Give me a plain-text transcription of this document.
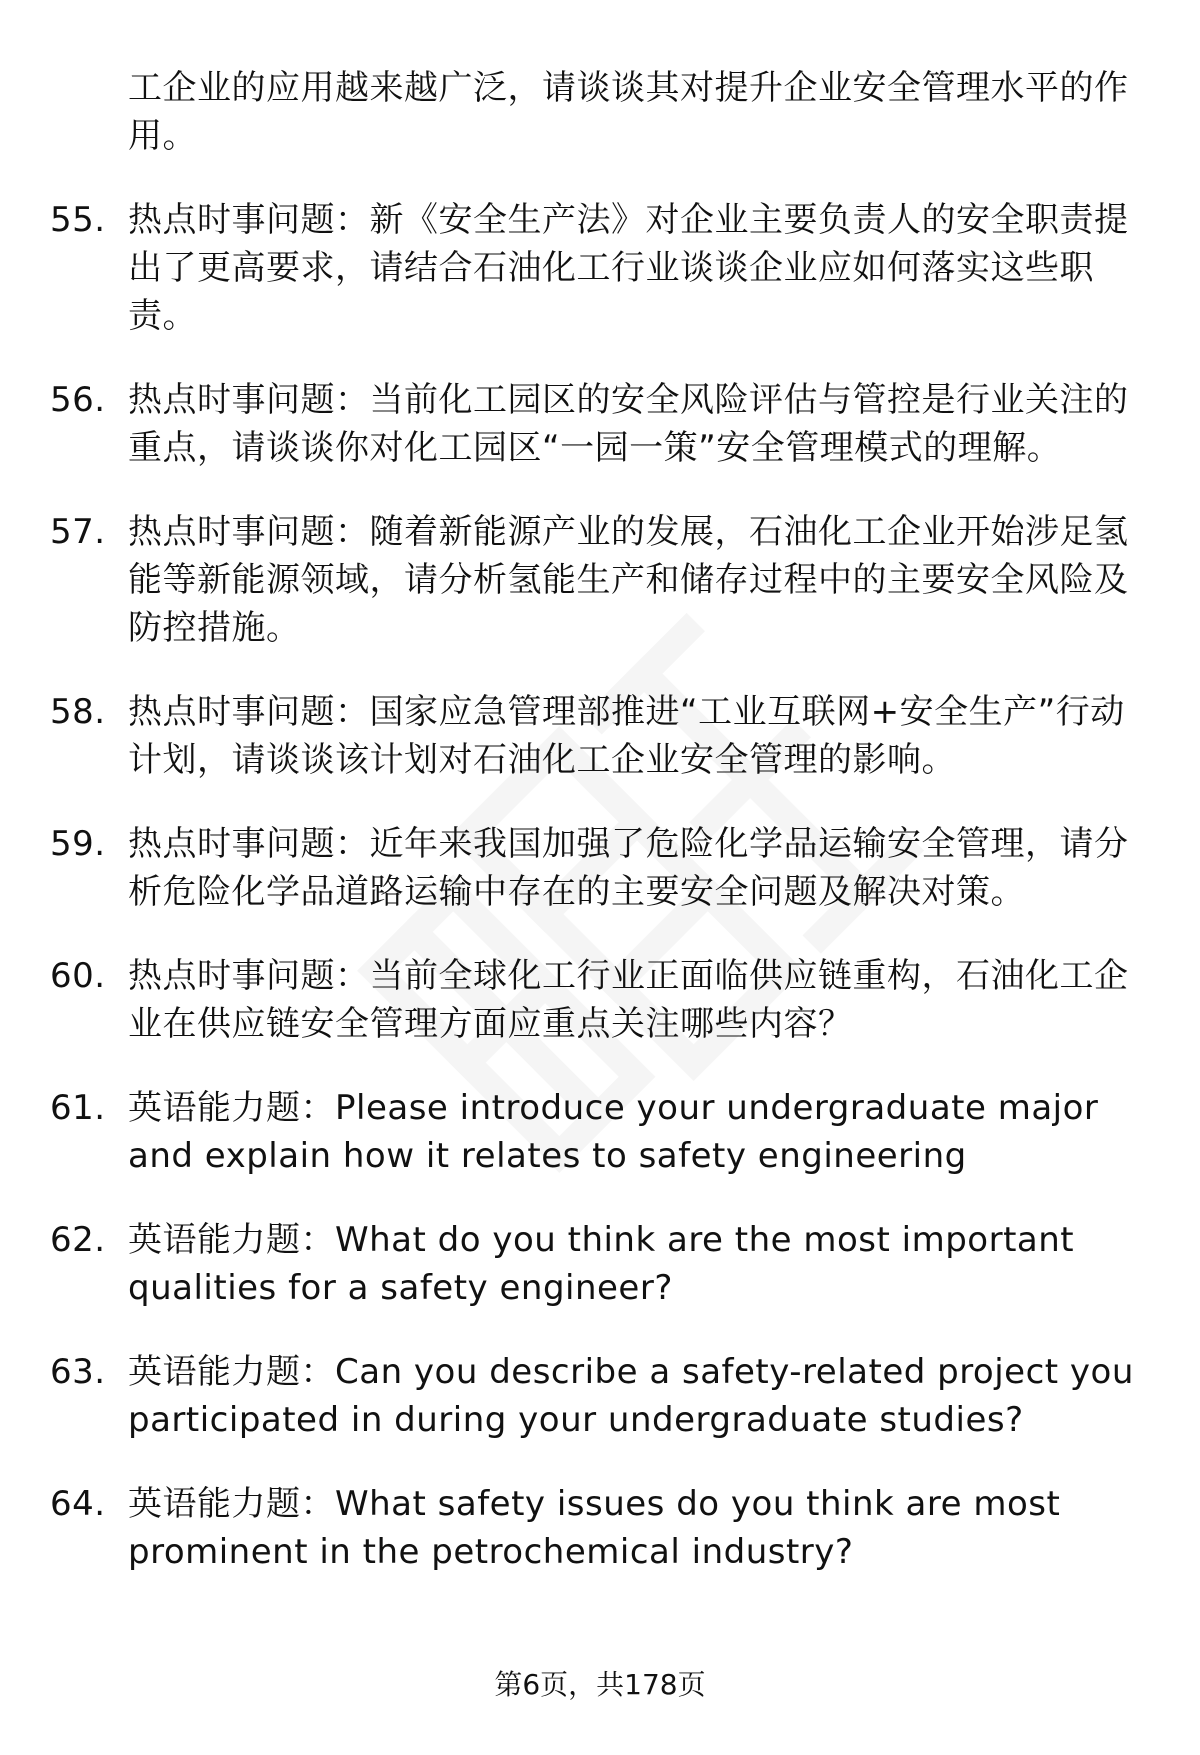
工企业的应用越来越广泛，请谈谈其对提升企业安全管理水平的作用。
55. 热点时事问题：新《安全生产法》对企业主要负责人的安全职责提出了更高要求，请结合石油化工行业谈谈企业应如何落实这些职责。
56. 热点时事问题：当前化工园区的安全风险评估与管控是行业关注的重点，请谈谈你对化工园区“一园一策”安全管理模式的理解。
57. 热点时事问题：随着新能源产业的发展，石油化工企业开始涉足氢能等新能源领域，请分析氢能生产和储存过程中的主要安全风险及防控措施。
58. 热点时事问题：国家应急管理部推进“工业互联网+安全生产”行动计划，请谈谈该计划对石油化工企业安全管理的影响。
59. 热点时事问题：近年来我国加强了危险化学品运输安全管理，请分析危险化学品道路运输中存在的主要安全问题及解决对策。
60. 热点时事问题：当前全球化工行业正面临供应链重构，石油化工企业在供应链安全管理方面应重点关注哪些内容？
61. 英语能力题：Please introduce your undergraduate major and explain how it relates to safety engineering
62. 英语能力题：What do you think are the most important qualities for a safety engineer?
63. 英语能力题：Can you describe a safety-related project you participated in during your undergraduate studies?
64. 英语能力题：What safety issues do you think are most prominent in the petrochemical industry?
第6页，共178页
